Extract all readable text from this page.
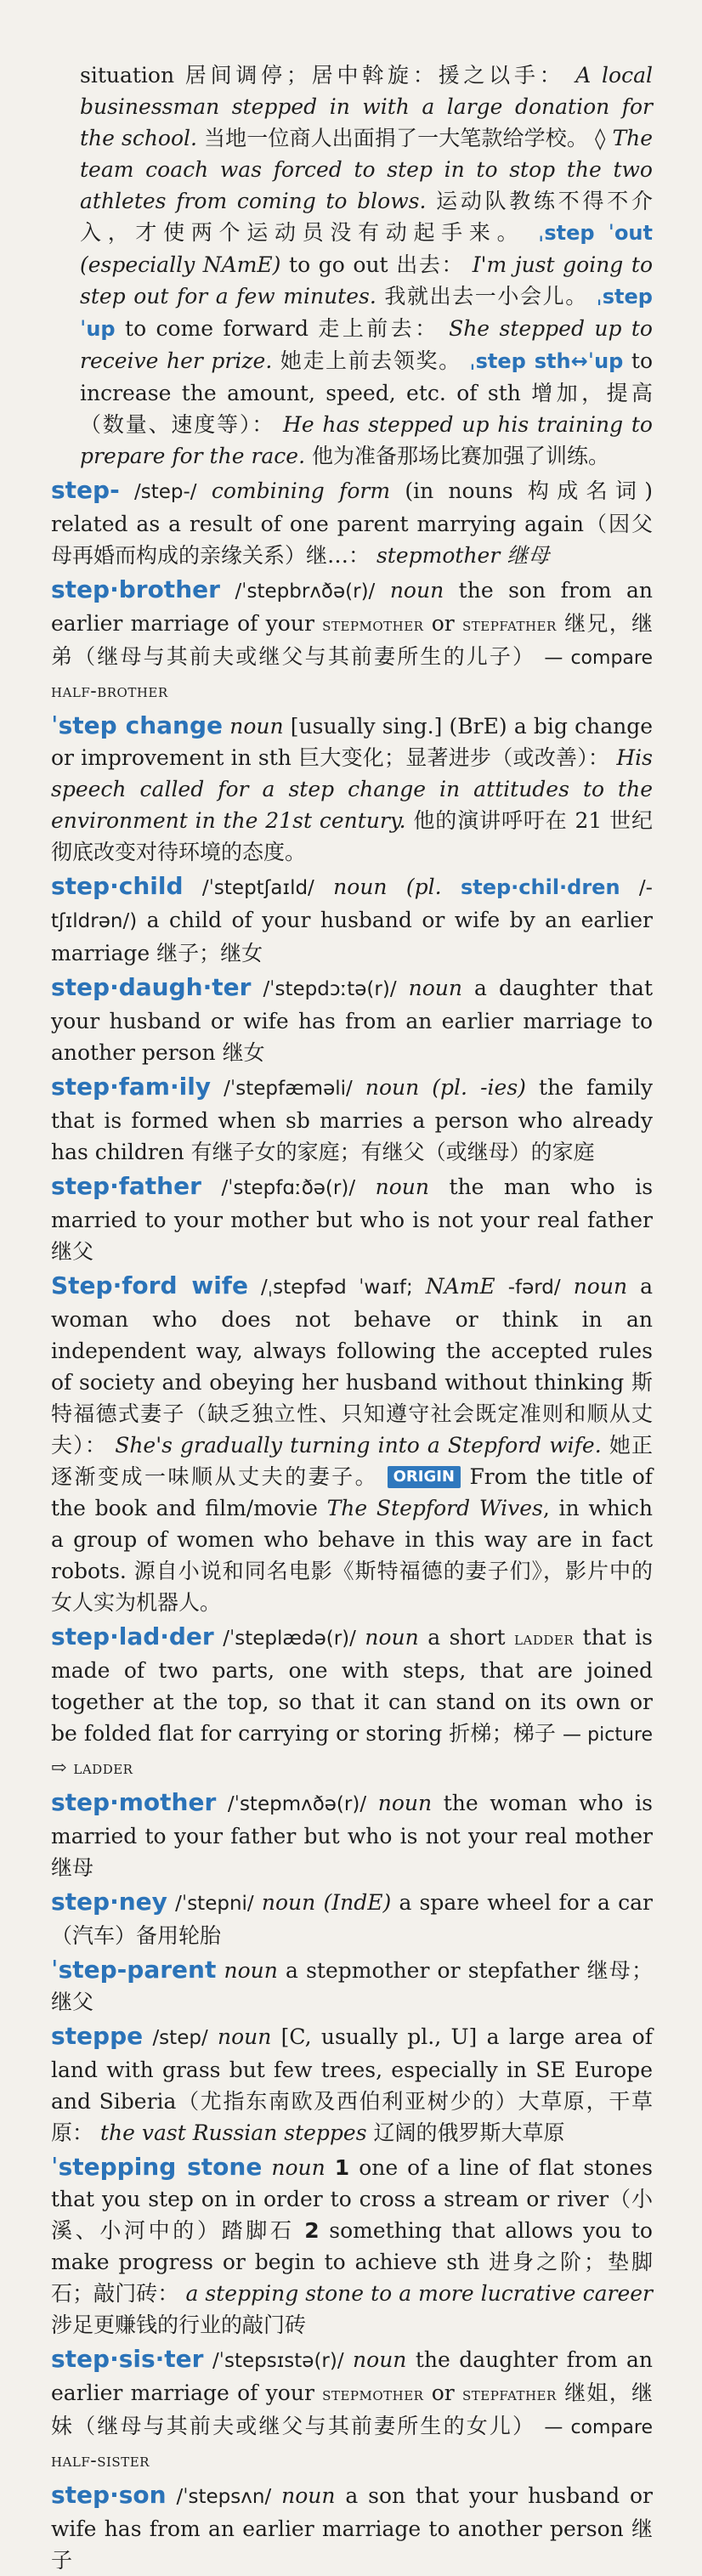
situation 居间调停；居中斡旋：援之以手： A local businessman stepped in with a large donation for the school. 当地一位商人出面捐了一大笔款给学校。 ◊ The team coach was forced to step in to stop the two athletes from coming to blows. 运动队教练不得不介入，才使两个运动员没有动起手来。 ˌstep ˈout (especially NAmE) to go out 出去： I'm just going to step out for a few minutes. 我就出去一小会儿。 ˌstep ˈup to come forward 走上前去： She stepped up to receive her prize. 她走上前去领奖。 ˌstep sth↔ˈup to increase the amount, speed, etc. of sth 增加，提高（数量、速度等）： He has stepped up his training to prepare for the race. 他为准备那场比赛加强了训练。
step- /step-/ combining form (in nouns 构成名词) related as a result of one parent marrying again（因父母再婚而构成的亲缘关系）继…： stepmother 继母
step·brother /ˈstepbrʌðə(r)/ noun the son from an earlier marriage of your stepmother or stepfather 继兄，继弟（继母与其前夫或继父与其前妻所生的儿子） — compare half-brother
ˈstep change noun [usually sing.] (BrE) a big change or improvement in sth 巨大变化；显著进步（或改善）： His speech called for a step change in attitudes to the environment in the 21st century. 他的演讲呼吁在 21 世纪彻底改变对待环境的态度。
step·child /ˈsteptʃaɪld/ noun (pl. step·chil·dren /-tʃɪldrən/) a child of your husband or wife by an earlier marriage 继子；继女
step·daugh·ter /ˈstepdɔːtə(r)/ noun a daughter that your husband or wife has from an earlier marriage to another person 继女
step·fam·ily /ˈstepfæməli/ noun (pl. -ies) the family that is formed when sb marries a person who already has children 有继子女的家庭；有继父（或继母）的家庭
step·father /ˈstepfɑːðə(r)/ noun the man who is married to your mother but who is not your real father 继父
Step·ford wife /ˌstepfəd ˈwaɪf; NAmE -fərd/ noun a woman who does not behave or think in an independent way, always following the accepted rules of society and obeying her husband without thinking 斯特福德式妻子（缺乏独立性、只知遵守社会既定准则和顺从丈夫）： She's gradually turning into a Stepford wife. 她正逐渐变成一味顺从丈夫的妻子。 ORIGIN From the title of the book and film/movie The Stepford Wives, in which a group of women who behave in this way are in fact robots. 源自小说和同名电影《斯特福德的妻子们》，影片中的女人实为机器人。
step·lad·der /ˈsteplædə(r)/ noun a short ladder that is made of two parts, one with steps, that are joined together at the top, so that it can stand on its own or be folded flat for carrying or storing 折梯；梯子 — picture ⇨ ladder
step·mother /ˈstepmʌðə(r)/ noun the woman who is married to your father but who is not your real mother 继母
step·ney /ˈstepni/ noun (IndE) a spare wheel for a car（汽车）备用轮胎
ˈstep-parent noun a stepmother or stepfather 继母；继父
steppe /step/ noun [C, usually pl., U] a large area of land with grass but few trees, especially in SE Europe and Siberia（尤指东南欧及西伯利亚树少的）大草原，干草原： the vast Russian steppes 辽阔的俄罗斯大草原
ˈstepping stone noun 1 one of a line of flat stones that you step on in order to cross a stream or river（小溪、小河中的）踏脚石 2 something that allows you to make progress or begin to achieve sth 进身之阶；垫脚石；敲门砖： a stepping stone to a more lucrative career 涉足更赚钱的行业的敲门砖
step·sis·ter /ˈstepsɪstə(r)/ noun the daughter from an earlier marriage of your stepmother or stepfather 继姐，继妹（继母与其前夫或继父与其前妻所生的女儿） — compare half-sister
step·son /ˈstepsʌn/ noun a son that your husband or wife has from an earlier marriage to another person 继子
